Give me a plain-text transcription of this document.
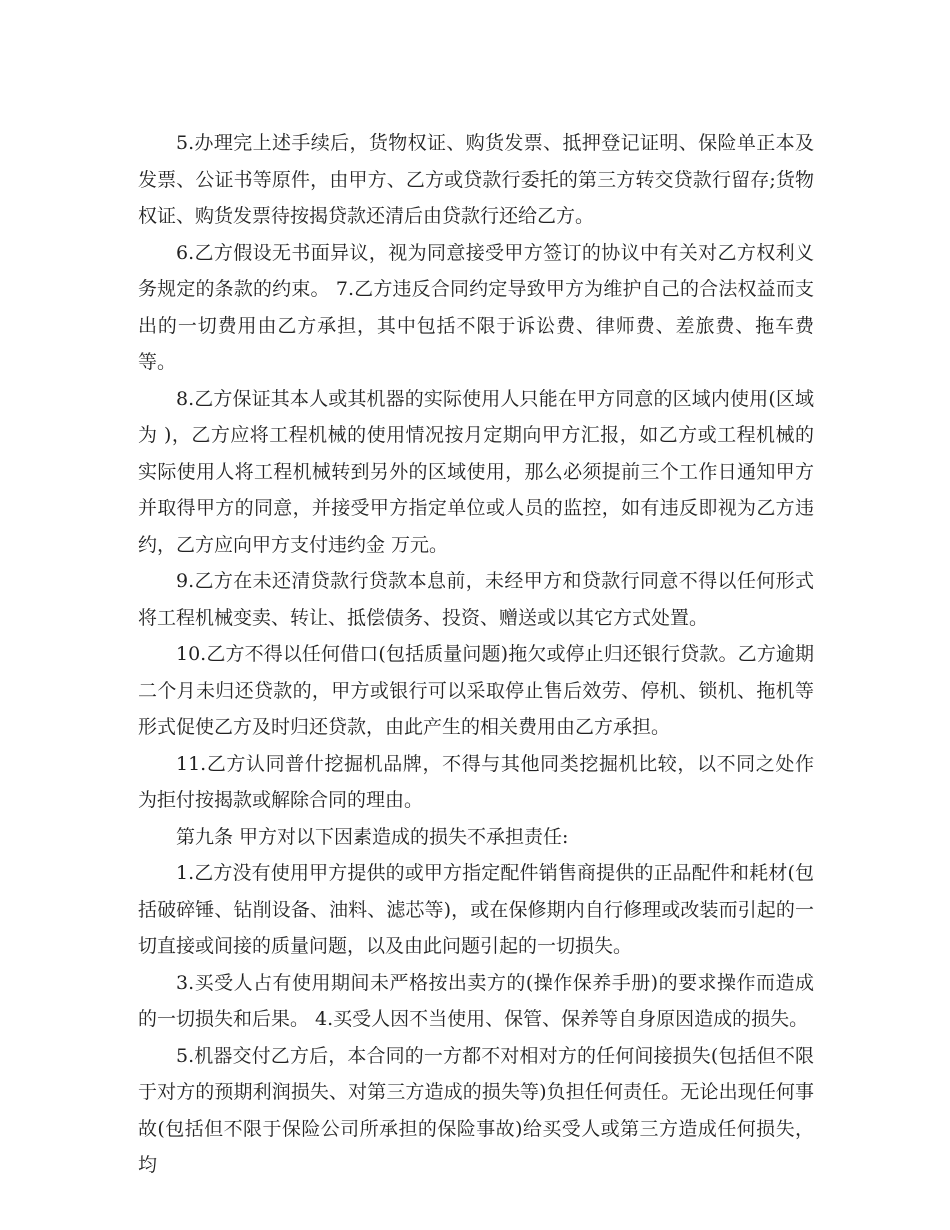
5.办理完上述手续后，货物权证、购货发票、抵押登记证明、保险单正本及发票、公证书等原件，由甲方、乙方或贷款行委托的第三方转交贷款行留存;货物权证、购货发票待按揭贷款还清后由贷款行还给乙方。

6.乙方假设无书面异议，视为同意接受甲方签订的协议中有关对乙方权利义务规定的条款的约束。 7.乙方违反合同约定导致甲方为维护自己的合法权益而支出的一切费用由乙方承担，其中包括不限于诉讼费、律师费、差旅费、拖车费等。

8.乙方保证其本人或其机器的实际使用人只能在甲方同意的区域内使用(区域为 )，乙方应将工程机械的使用情况按月定期向甲方汇报，如乙方或工程机械的实际使用人将工程机械转到另外的区域使用，那么必须提前三个工作日通知甲方并取得甲方的同意，并接受甲方指定单位或人员的监控，如有违反即视为乙方违约，乙方应向甲方支付违约金 万元。

9.乙方在未还清贷款行贷款本息前，未经甲方和贷款行同意不得以任何形式将工程机械变卖、转让、抵偿债务、投资、赠送或以其它方式处置。

10.乙方不得以任何借口(包括质量问题)拖欠或停止归还银行贷款。乙方逾期二个月未归还贷款的，甲方或银行可以采取停止售后效劳、停机、锁机、拖机等形式促使乙方及时归还贷款，由此产生的相关费用由乙方承担。

11.乙方认同普什挖掘机品牌，不得与其他同类挖掘机比较，以不同之处作为拒付按揭款或解除合同的理由。

第九条 甲方对以下因素造成的损失不承担责任:

1.乙方没有使用甲方提供的或甲方指定配件销售商提供的正品配件和耗材(包括破碎锤、钻削设备、油料、滤芯等)，或在保修期内自行修理或改装而引起的一切直接或间接的质量问题，以及由此问题引起的一切损失。

3.买受人占有使用期间未严格按出卖方的(操作保养手册)的要求操作而造成的一切损失和后果。 4.买受人因不当使用、保管、保养等自身原因造成的损失。

5.机器交付乙方后，本合同的一方都不对相对方的任何间接损失(包括但不限于对方的预期利润损失、对第三方造成的损失等)负担任何责任。无论出现任何事故(包括但不限于保险公司所承担的保险事故)给买受人或第三方造成任何损失，均
